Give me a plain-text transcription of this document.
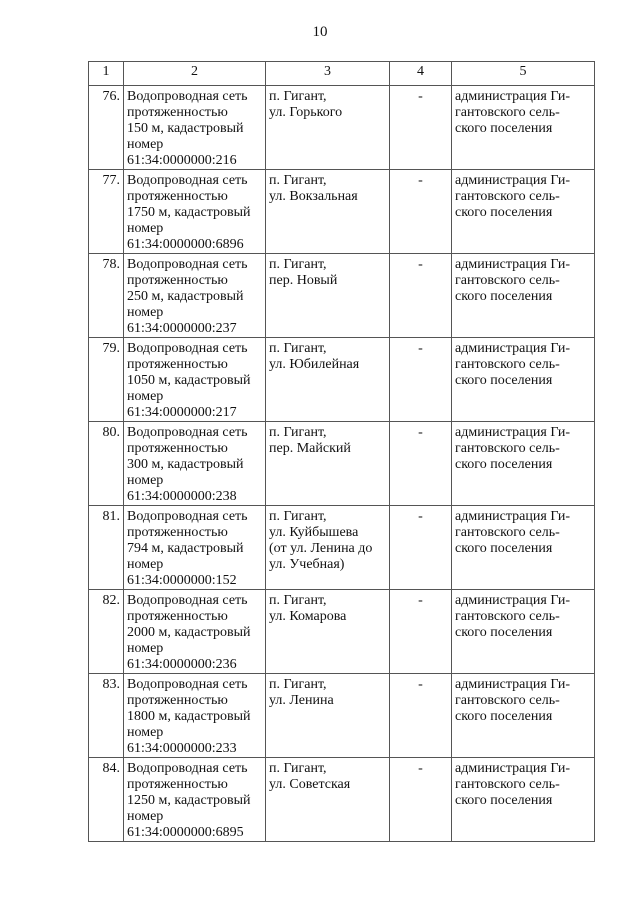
10
1	2	3	4	5
76.	Водопроводная сеть
протяженностью
150 м, кадастровый
номер
61:34:0000000:216	п. Гигант,
ул. Горького	-	администрация Ги-
гантовского сель-
ского поселения
77.	Водопроводная сеть
протяженностью
1750 м, кадастровый
номер
61:34:0000000:6896	п. Гигант,
ул. Вокзальная	-	администрация Ги-
гантовского сель-
ского поселения
78.	Водопроводная сеть
протяженностью
250 м, кадастровый
номер
61:34:0000000:237	п. Гигант,
пер. Новый	-	администрация Ги-
гантовского сель-
ского поселения
79.	Водопроводная сеть
протяженностью
1050 м, кадастровый
номер
61:34:0000000:217	п. Гигант,
ул. Юбилейная	-	администрация Ги-
гантовского сель-
ского поселения
80.	Водопроводная сеть
протяженностью
300 м, кадастровый
номер
61:34:0000000:238	п. Гигант,
пер. Майский	-	администрация Ги-
гантовского сель-
ского поселения
81.	Водопроводная сеть
протяженностью
794 м, кадастровый
номер
61:34:0000000:152	п. Гигант,
ул. Куйбышева
(от ул. Ленина до
ул. Учебная)	-	администрация Ги-
гантовского сель-
ского поселения
82.	Водопроводная сеть
протяженностью
2000 м, кадастровый
номер
61:34:0000000:236	п. Гигант,
ул. Комарова	-	администрация Ги-
гантовского сель-
ского поселения
83.	Водопроводная сеть
протяженностью
1800 м, кадастровый
номер
61:34:0000000:233	п. Гигант,
ул. Ленина	-	администрация Ги-
гантовского сель-
ского поселения
84.	Водопроводная сеть
протяженностью
1250 м, кадастровый
номер
61:34:0000000:6895	п. Гигант,
ул. Советская	-	администрация Ги-
гантовского сель-
ского поселения
